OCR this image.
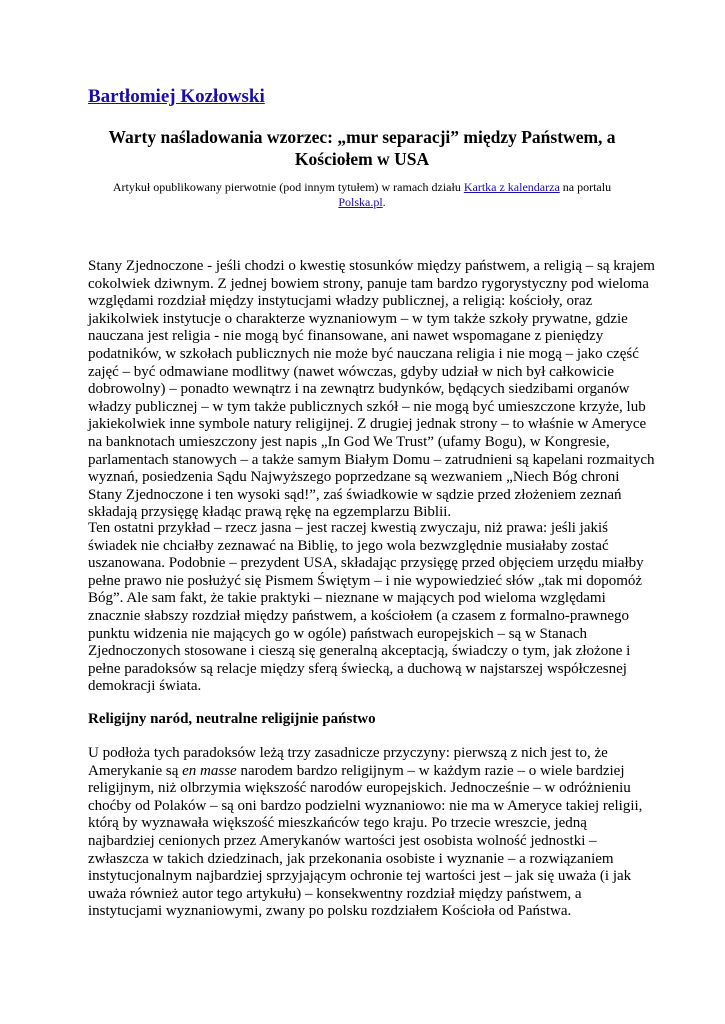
Bartłomiej Kozłowski
Warty naśladowania wzorzec: „mur separacji” między Państwem, a
Kościołem w USA
Artykuł opublikowany pierwotnie (pod innym tytułem) w ramach działu Kartka z kalendarza na portalu
Polska.pl.
Stany Zjednoczone - jeśli chodzi o kwestię stosunków między państwem, a religią – są krajem
cokolwiek dziwnym. Z jednej bowiem strony, panuje tam bardzo rygorystyczny pod wieloma
względami rozdział między instytucjami władzy publicznej, a religią: kościoły, oraz
jakikolwiek instytucje o charakterze wyznaniowym – w tym także szkoły prywatne, gdzie
nauczana jest religia - nie mogą być finansowane, ani nawet wspomagane z pieniędzy
podatników, w szkołach publicznych nie może być nauczana religia i nie mogą – jako część
zajęć – być odmawiane modlitwy (nawet wówczas, gdyby udział w nich był całkowicie
dobrowolny) – ponadto wewnątrz i na zewnątrz budynków, będących siedzibami organów
władzy publicznej – w tym także publicznych szkół – nie mogą być umieszczone krzyże, lub
jakiekolwiek inne symbole natury religijnej. Z drugiej jednak strony – to właśnie w Ameryce
na banknotach umieszczony jest napis „In God We Trust” (ufamy Bogu), w Kongresie,
parlamentach stanowych – a także samym Białym Domu – zatrudnieni są kapelani rozmaitych
wyznań, posiedzenia Sądu Najwyższego poprzedzane są wezwaniem „Niech Bóg chroni
Stany Zjednoczone i ten wysoki sąd!”, zaś świadkowie w sądzie przed złożeniem zeznań
składają przysięgę kładąc prawą rękę na egzemplarzu Biblii.
Ten ostatni przykład – rzecz jasna – jest raczej kwestią zwyczaju, niż prawa: jeśli jakiś
świadek nie chciałby zeznawać na Biblię, to jego wola bezwzględnie musiałaby zostać
uszanowana. Podobnie – prezydent USA, składając przysięgę przed objęciem urzędu miałby
pełne prawo nie posłużyć się Pismem Świętym – i nie wypowiedzieć słów „tak mi dopomóż
Bóg”. Ale sam fakt, że takie praktyki – nieznane w mających pod wieloma względami
znacznie słabszy rozdział między państwem, a kościołem (a czasem z formalno-prawnego
punktu widzenia nie mających go w ogóle) państwach europejskich – są w Stanach
Zjednoczonych stosowane i cieszą się generalną akceptacją, świadczy o tym, jak złożone i
pełne paradoksów są relacje między sferą świecką, a duchową w najstarszej współczesnej
demokracji świata.
Religijny naród, neutralne religijnie państwo
U podłoża tych paradoksów leżą trzy zasadnicze przyczyny: pierwszą z nich jest to, że
Amerykanie są en masse narodem bardzo religijnym – w każdym razie – o wiele bardziej
religijnym, niż olbrzymia większość narodów europejskich. Jednocześnie – w odróżnieniu
choćby od Polaków – są oni bardzo podzielni wyznaniowo: nie ma w Ameryce takiej religii,
którą by wyznawała większość mieszkańców tego kraju. Po trzecie wreszcie, jedną
najbardziej cenionych przez Amerykanów wartości jest osobista wolność jednostki –
zwłaszcza w takich dziedzinach, jak przekonania osobiste i wyznanie – a rozwiązaniem
instytucjonalnym najbardziej sprzyjającym ochronie tej wartości jest – jak się uważa (i jak
uważa również autor tego artykułu) – konsekwentny rozdział między państwem, a
instytucjami wyznaniowymi, zwany po polsku rozdziałem Kościoła od Państwa.
